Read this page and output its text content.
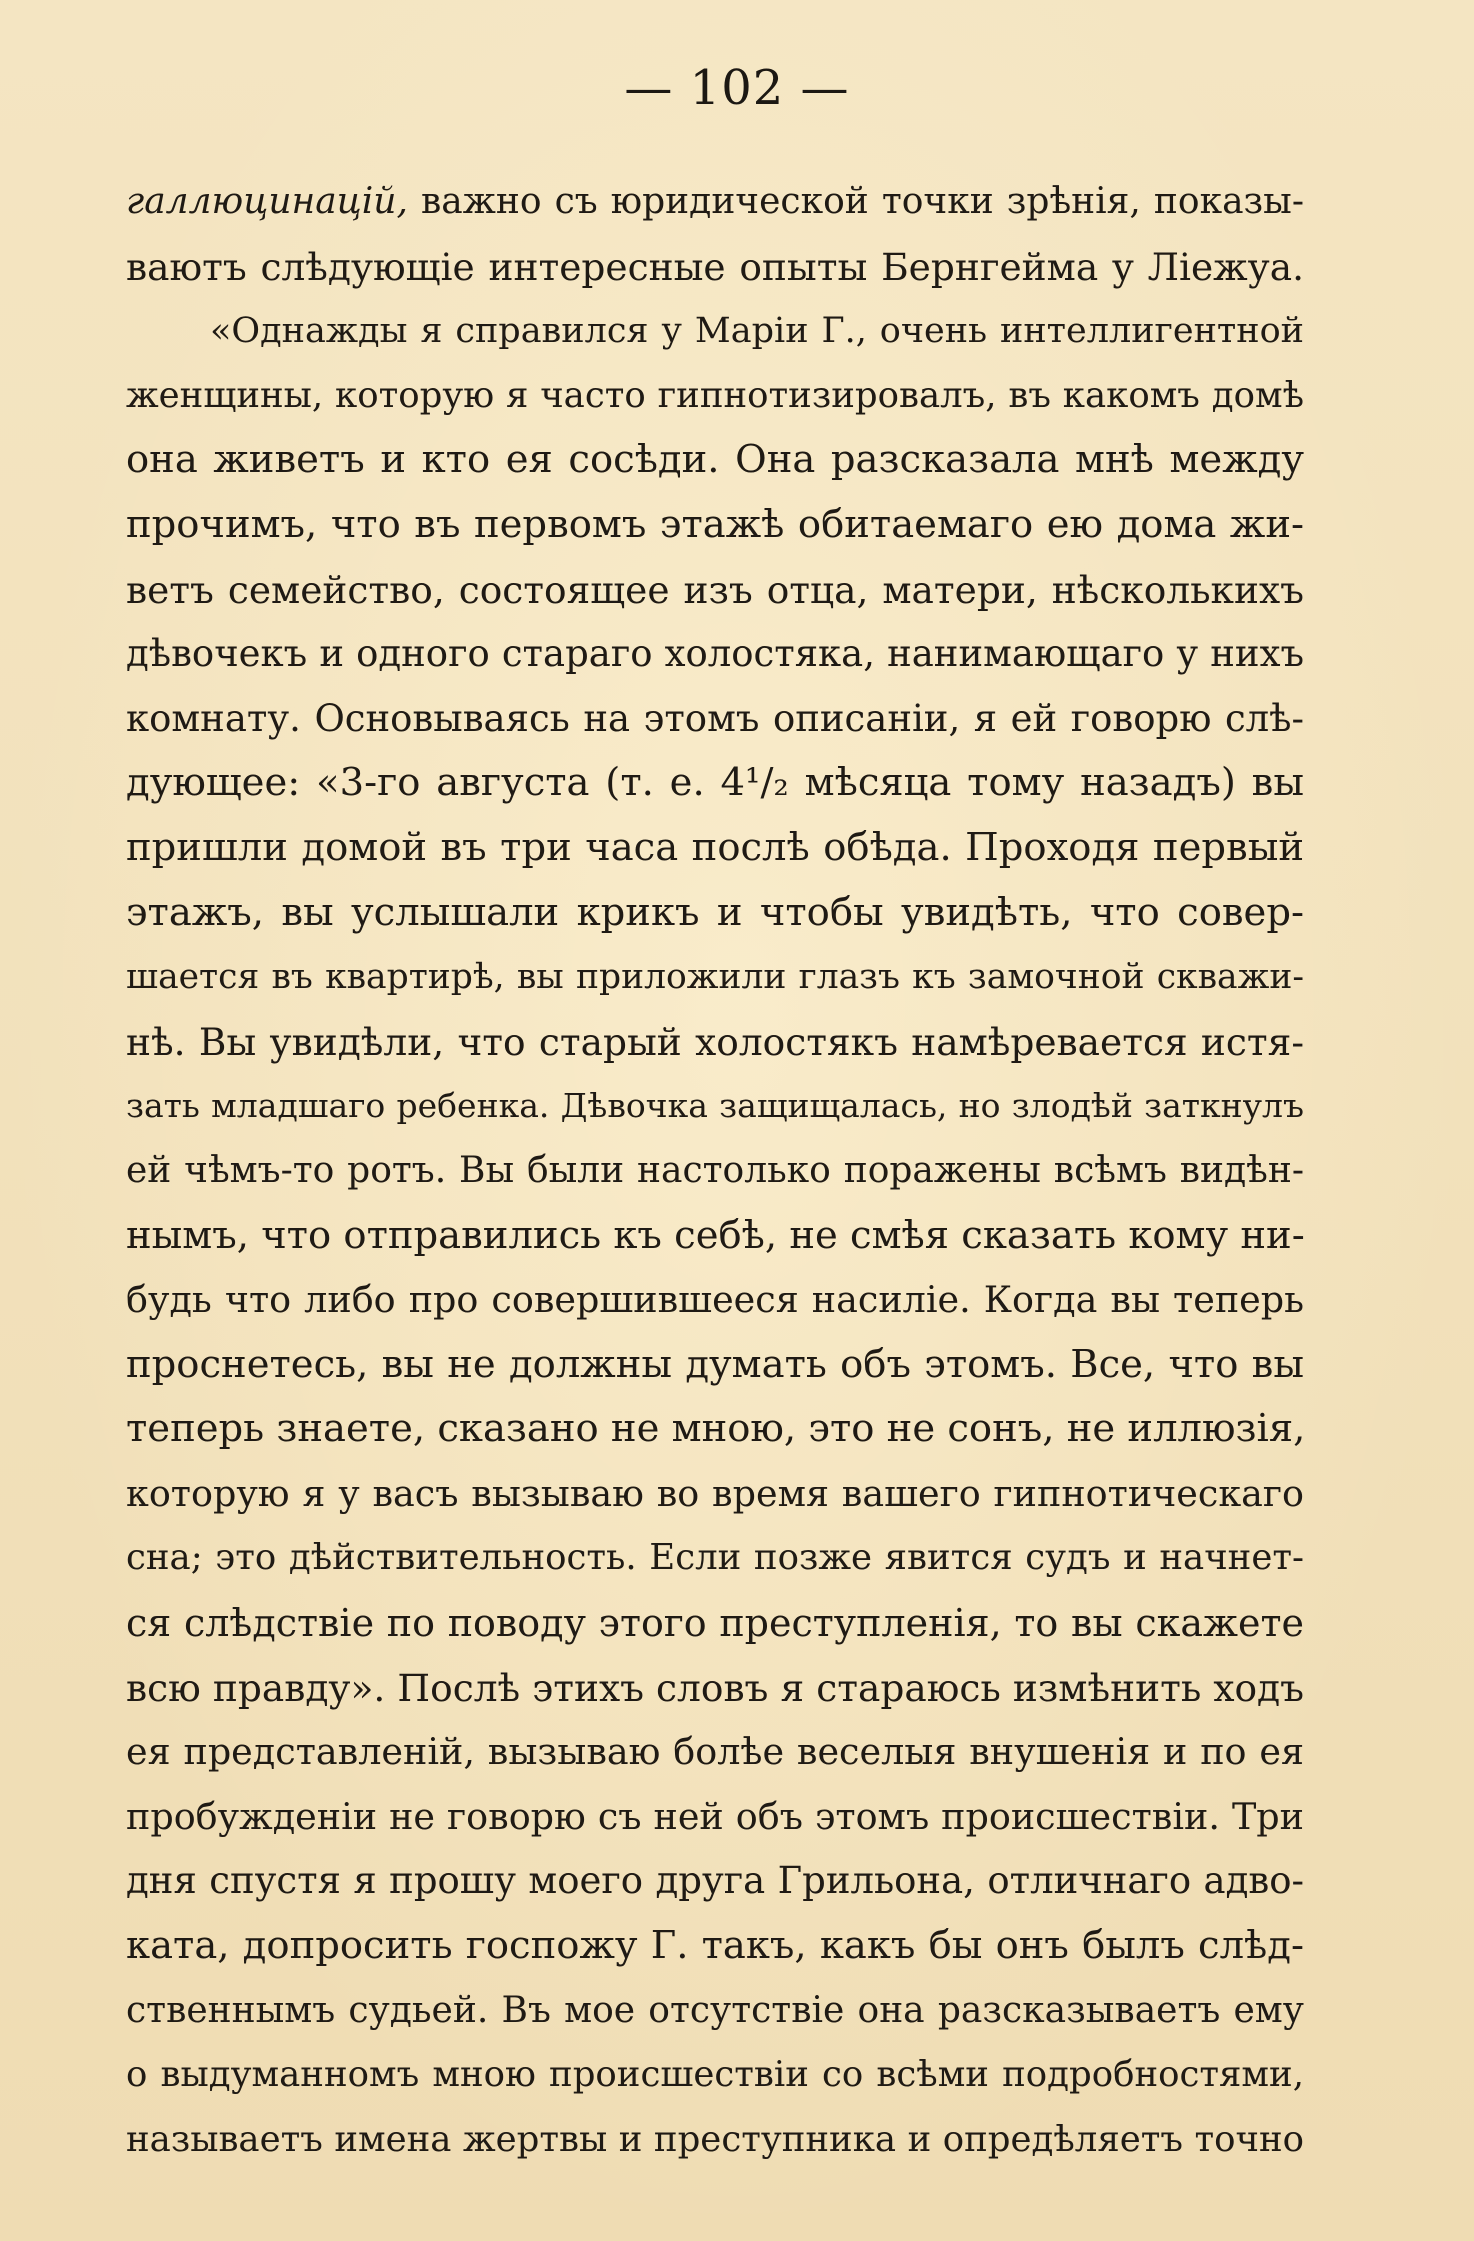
— 102 —
галлюцинацій, важно съ юридической точки зрѣнія, показы-
ваютъ слѣдующіе интересные опыты Бернгейма у Ліежуа.
«Однажды я справился у Маріи Г., очень интеллигентной
женщины, которую я часто гипнотизировалъ, въ какомъ домѣ
она живетъ и кто ея сосѣди. Она разсказала мнѣ между
прочимъ, что въ первомъ этажѣ обитаемаго ею дома жи-
ветъ семейство, состоящее изъ отца, матери, нѣсколькихъ
дѣвочекъ и одного стараго холостяка, нанимающаго у нихъ
комнату. Основываясь на этомъ описаніи, я ей говорю слѣ-
дующее: «3-го августа (т. е. 4¹/₂ мѣсяца тому назадъ) вы
пришли домой въ три часа послѣ обѣда. Проходя первый
этажъ, вы услышали крикъ и чтобы увидѣть, что совер-
шается въ квартирѣ, вы приложили глазъ къ замочной скважи-
нѣ. Вы увидѣли, что старый холостякъ намѣревается истя-
зать младшаго ребенка. Дѣвочка защищалась, но злодѣй заткнулъ
ей чѣмъ-то ротъ. Вы были настолько поражены всѣмъ видѣн-
нымъ, что отправились къ себѣ, не смѣя сказать кому ни-
будь что либо про совершившееся насиліе. Когда вы теперь
проснетесь, вы не должны думать объ этомъ. Все, что вы
теперь знаете, сказано не мною, это не сонъ, не иллюзія,
которую я у васъ вызываю во время вашего гипнотическаго
сна; это дѣйствительность. Если позже явится судъ и начнет-
ся слѣдствіе по поводу этого преступленія, то вы скажете
всю правду». Послѣ этихъ словъ я стараюсь измѣнить ходъ
ея представленій, вызываю болѣе веселыя внушенія и по ея
пробужденіи не говорю съ ней объ этомъ происшествіи. Три
дня спустя я прошу моего друга Грильона, отличнаго адво-
ката, допросить госпожу Г. такъ, какъ бы онъ былъ слѣд-
ственнымъ судьей. Въ мое отсутствіе она разсказываетъ ему
о выдуманномъ мною происшествіи со всѣми подробностями,
называетъ имена жертвы и преступника и опредѣляетъ точно
